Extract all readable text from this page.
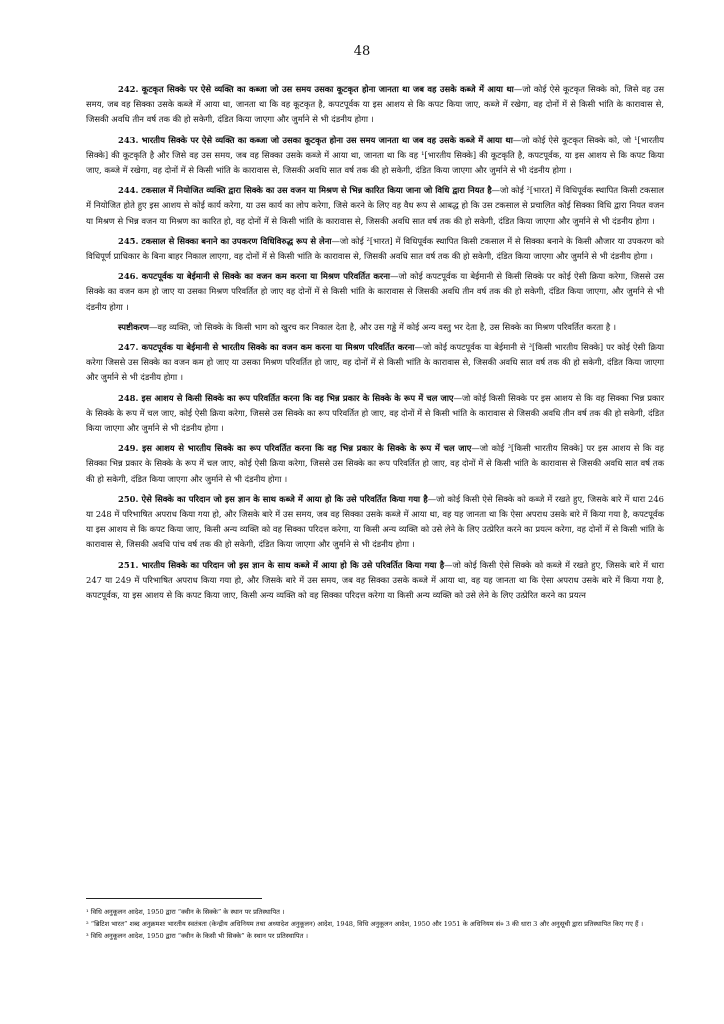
48

242. कूटकृत सिक्के पर ऐसे व्यक्ति का कब्जा जो उस समय उसका कूटकृत होना जानता था जब वह उसके कब्जे में आया था—जो कोई ऐसे कूटकृत सिक्के को, जिसे वह उस समय, जब वह सिक्का उसके कब्जे में आया था, जानता था कि वह कूटकृत है, कपटपूर्वक या इस आशय से कि कपट किया जाए, कब्जे में रखेगा, वह दोनों में से किसी भांति के कारावास से, जिसकी अवधि तीन वर्ष तक की हो सकेगी, दंडित किया जाएगा और जुर्माने से भी दंडनीय होगा ।

243. भारतीय सिक्के पर ऐसे व्यक्ति का कब्जा जो उसका कूटकृत होना उस समय जानता था जब वह उसके कब्जे में आया था—जो कोई ऐसे कूटकृत सिक्के को, जो ¹[भारतीय सिक्के] की कूटकृति है और जिसे वह उस समय, जब वह सिक्का उसके कब्जे में आया था, जानता था कि वह ¹[भारतीय सिक्के] की कूटकृति है, कपटपूर्वक, या इस आशय से कि कपट किया जाए, कब्जे में रखेगा, वह दोनों में से किसी भांति के कारावास से, जिसकी अवधि सात वर्ष तक की हो सकेगी, दंडित किया जाएगा और जुर्माने से भी दंडनीय होगा ।

244. टकसाल में नियोजित व्यक्ति द्वारा सिक्के का उस वजन या मिश्रण से भिन्न कारित किया जाना जो विधि द्वारा नियत है—जो कोई ²[भारत] में विधिपूर्वक स्थापित किसी टकसाल में नियोजित होते हुए इस आशय से कोई कार्य करेगा, या उस कार्य का लोप करेगा, जिसे करने के लिए वह वैध रूप से आबद्ध हो कि उस टकसाल से प्रचालित कोई सिक्का विधि द्वारा नियत वजन या मिश्रण से भिन्न वजन या मिश्रण का कारित हो, वह दोनों में से किसी भांति के कारावास से, जिसकी अवधि सात वर्ष तक की हो सकेगी, दंडित किया जाएगा और जुर्माने से भी दंडनीय होगा ।

245. टकसाल से सिक्का बनाने का उपकरण विधिविरुद्ध रूप से लेना—जो कोई ²[भारत] में विधिपूर्वक स्थापित किसी टकसाल में से सिक्का बनाने के किसी औजार या उपकरण को विधिपूर्ण प्राधिकार के बिना बाहर निकाल लाएगा, वह दोनों में से किसी भांति के कारावास से, जिसकी अवधि सात वर्ष तक की हो सकेगी, दंडित किया जाएगा और जुर्माने से भी दंडनीय होगा ।

246. कपटपूर्वक या बेईमानी से सिक्के का वजन कम करना या मिश्रण परिवर्तित करना—जो कोई कपटपूर्वक या बेईमानी से किसी सिक्के पर कोई ऐसी क्रिया करेगा, जिससे उस सिक्के का वजन कम हो जाए या उसका मिश्रण परिवर्तित हो जाए वह दोनों में से किसी भांति के कारावास से जिसकी अवधि तीन वर्ष तक की हो सकेगी, दंडित किया जाएगा, और जुर्माने से भी दंडनीय होगा ।

स्पष्टीकरण—वह व्यक्ति, जो सिक्के के किसी भाग को खुरच कर निकाल देता है, और उस गड्ढे में कोई अन्य वस्तु भर देता है, उस सिक्के का मिश्रण परिवर्तित करता है ।

247. कपटपूर्वक या बेईमानी से भारतीय सिक्के का वजन कम करना या मिश्रण परिवर्तित करना—जो कोई कपटपूर्वक या बेईमानी से ³[किसी भारतीय सिक्के] पर कोई ऐसी क्रिया करेगा जिससे उस सिक्के का वजन कम हो जाए या उसका मिश्रण परिवर्तित हो जाए, वह दोनों में से किसी भांति के कारावास से, जिसकी अवधि सात वर्ष तक की हो सकेगी, दंडित किया जाएगा और जुर्माने से भी दंडनीय होगा ।

248. इस आशय से किसी सिक्के का रूप परिवर्तित करना कि वह भिन्न प्रकार के सिक्के के रूप में चल जाए—जो कोई किसी सिक्के पर इस आशय से कि वह सिक्का भिन्न प्रकार के सिक्के के रूप में चल जाए, कोई ऐसी क्रिया करेगा, जिससे उस सिक्के का रूप परिवर्तित हो जाए, वह दोनों में से किसी भांति के कारावास से जिसकी अवधि तीन वर्ष तक की हो सकेगी, दंडित किया जाएगा और जुर्माने से भी दंडनीय होगा ।

249. इस आशय से भारतीय सिक्के का रूप परिवर्तित करना कि वह भिन्न प्रकार के सिक्के के रूप में चल जाए—जो कोई ³[किसी भारतीय सिक्के] पर इस आशय से कि वह सिक्का भिन्न प्रकार के सिक्के के रूप में चल जाए, कोई ऐसी क्रिया करेगा, जिससे उस सिक्के का रूप परिवर्तित हो जाए, वह दोनों में से किसी भांति के कारावास से जिसकी अवधि सात वर्ष तक की हो सकेगी, दंडित किया जाएगा और जुर्माने से भी दंडनीय होगा ।

250. ऐसे सिक्के का परिदान जो इस ज्ञान के साथ कब्जे में आया हो कि उसे परिवर्तित किया गया है—जो कोई किसी ऐसे सिक्के को कब्जे में रखते हुए, जिसके बारे में धारा 246 या 248 में परिभाषित अपराध किया गया हो, और जिसके बारे में उस समय, जब वह सिक्का उसके कब्जे में आया था, वह यह जानता था कि ऐसा अपराध उसके बारे में किया गया है, कपटपूर्वक या इस आशय से कि कपट किया जाए, किसी अन्य व्यक्ति को वह सिक्का परिदत्त करेगा, या किसी अन्य व्यक्ति को उसे लेने के लिए उत्प्रेरित करने का प्रयत्न करेगा, वह दोनों में से किसी भांति के कारावास से, जिसकी अवधि पांच वर्ष तक की हो सकेगी, दंडित किया जाएगा और जुर्माने से भी दंडनीय होगा ।

251. भारतीय सिक्के का परिदान जो इस ज्ञान के साथ कब्जे में आया हो कि उसे परिवर्तित किया गया है—जो कोई किसी ऐसे सिक्के को कब्जे में रखते हुए, जिसके बारे में धारा 247 या 249 में परिभाषित अपराध किया गया हो, और जिसके बारे में उस समय, जब वह सिक्का उसके कब्जे में आया था, वह यह जानता था कि ऐसा अपराध उसके बारे में किया गया है, कपटपूर्वक, या इस आशय से कि कपट किया जाए, किसी अन्य व्यक्ति को वह सिक्का परिदत्त करेगा या किसी अन्य व्यक्ति को उसे लेने के लिए उत्प्रेरित करने का प्रयत्न

¹ विधि अनुकूलन आदेश, 1950 द्वारा “क्वीन के सिक्के” के स्थान पर प्रतिस्थापित ।

² “ब्रिटिश भारत” शब्द अनुक्रमशः भारतीय स्वतंत्रता (केन्द्रीय अधिनियम तथा अध्यादेश अनुकूलन) आदेश, 1948, विधि अनुकूलन आदेश, 1950 और 1951 के अधिनियम सं० 3 की धारा 3 और अनुसूची द्वारा प्रतिस्थापित किए गए हैं ।

³ विधि अनुकूलन आदेश, 1950 द्वारा “क्वीन के किसी भी सिक्के” के स्थान पर प्रतिस्थापित ।
